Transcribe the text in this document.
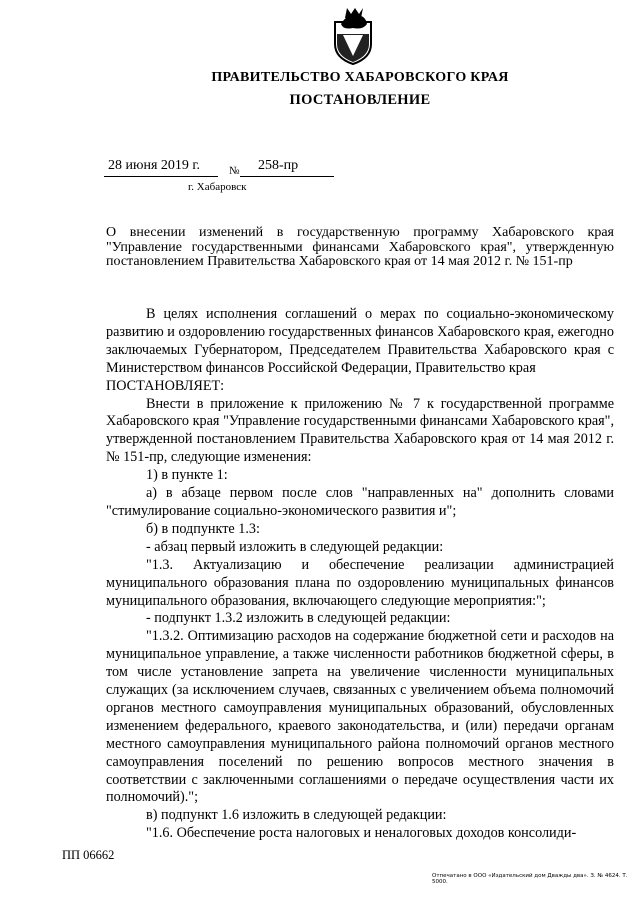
ПРАВИТЕЛЬСТВО ХАБАРОВСКОГО КРАЯ
ПОСТАНОВЛЕНИЕ
28 июня 2019 г.	№ 258-пр
г. Хабаровск
О внесении изменений в государственную программу Хабаровского края "Управление государственными финансами Хабаровского края", утвержденную постановлением Правительства Хабаровского края от 14 мая 2012 г. № 151-пр

В целях исполнения соглашений о мерах по социально-экономическому развитию и оздоровлению государственных финансов Хабаровского края, ежегодно заключаемых Губернатором, Председателем Правительства Хабаровского края с Министерством финансов Российской Федерации, Правительство края

ПОСТАНОВЛЯЕТ:

Внести в приложение к приложению № 7 к государственной программе Хабаровского края "Управление государственными финансами Хабаровского края", утвержденной постановлением Правительства Хабаровского края от 14 мая 2012 г. № 151-пр, следующие изменения:

1) в пункте 1:

а) в абзаце первом после слов "направленных на" дополнить словами "стимулирование социально-экономического развития и";

б) в подпункте 1.3:

- абзац первый изложить в следующей редакции:

"1.3. Актуализацию и обеспечение реализации администрацией муниципального образования плана по оздоровлению муниципальных финансов муниципального образования, включающего следующие мероприятия:";

- подпункт 1.3.2 изложить в следующей редакции:

"1.3.2. Оптимизацию расходов на содержание бюджетной сети и расходов на муниципальное управление, а также численности работников бюджетной сферы, в том числе установление запрета на увеличение численности муниципальных служащих (за исключением случаев, связанных с увеличением объема полномочий органов местного самоуправления муниципальных образований, обусловленных изменением федерального, краевого законодательства, и (или) передачи органам местного самоуправления муниципального района полномочий органов местного самоуправления поселений по решению вопросов местного значения в соответствии с заключенными соглашениями о передаче осуществления части их полномочий).";

в) подпункт 1.6 изложить в следующей редакции:

"1.6. Обеспечение роста налоговых и неналоговых доходов консолиди-

ПП 06662
Отпечатано в ООО «Издательский дом Дважды два». З. № 4624. Т. 5000.
